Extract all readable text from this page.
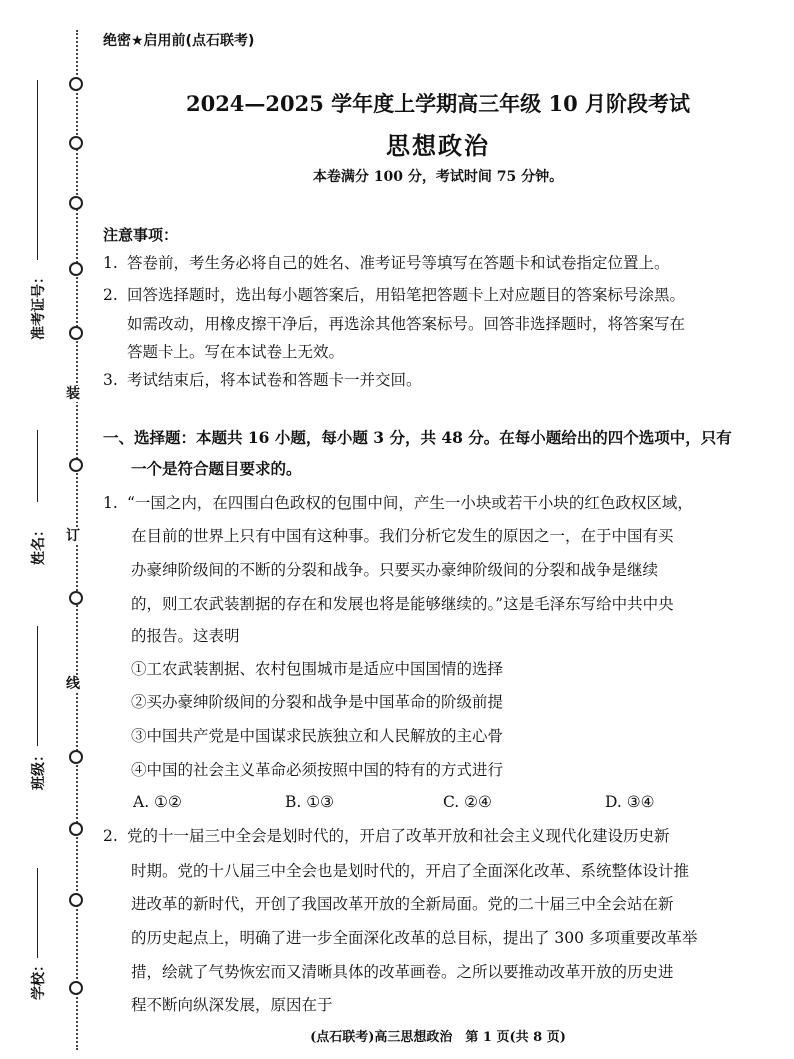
装
订
线
准考证号：
姓名：
班级：
学校：
绝密★启用前(点石联考)
2024—2025 学年度上学期高三年级 10 月阶段考试
思想政治
本卷满分 100 分，考试时间 75 分钟。
注意事项：
1. 答卷前，考生务必将自己的姓名、准考证号等填写在答题卡和试卷指定位置上。
2. 回答选择题时，选出每小题答案后，用铅笔把答题卡上对应题目的答案标号涂黑。
如需改动，用橡皮擦干净后，再选涂其他答案标号。回答非选择题时，将答案写在
答题卡上。写在本试卷上无效。
3. 考试结束后，将本试卷和答题卡一并交回。
一、选择题：本题共 16 小题，每小题 3 分，共 48 分。在每小题给出的四个选项中，只有
一个是符合题目要求的。
1. “一国之内，在四围白色政权的包围中间，产生一小块或若干小块的红色政权区域，
在目前的世界上只有中国有这种事。我们分析它发生的原因之一，在于中国有买
办豪绅阶级间的不断的分裂和战争。只要买办豪绅阶级间的分裂和战争是继续
的，则工农武装割据的存在和发展也将是能够继续的。”这是毛泽东写给中共中央
的报告。这表明
①工农武装割据、农村包围城市是适应中国国情的选择
②买办豪绅阶级间的分裂和战争是中国革命的阶级前提
③中国共产党是中国谋求民族独立和人民解放的主心骨
④中国的社会主义革命必须按照中国的特有的方式进行
A. ①②	B. ①③	C. ②④	D. ③④
2. 党的十一届三中全会是划时代的，开启了改革开放和社会主义现代化建设历史新
时期。党的十八届三中全会也是划时代的，开启了全面深化改革、系统整体设计推
进改革的新时代，开创了我国改革开放的全新局面。党的二十届三中全会站在新
的历史起点上，明确了进一步全面深化改革的总目标，提出了 300 多项重要改革举
措，绘就了气势恢宏而又清晰具体的改革画卷。之所以要推动改革开放的历史进
程不断向纵深发展，原因在于
(点石联考)高三思想政治　第 1 页(共 8 页)
